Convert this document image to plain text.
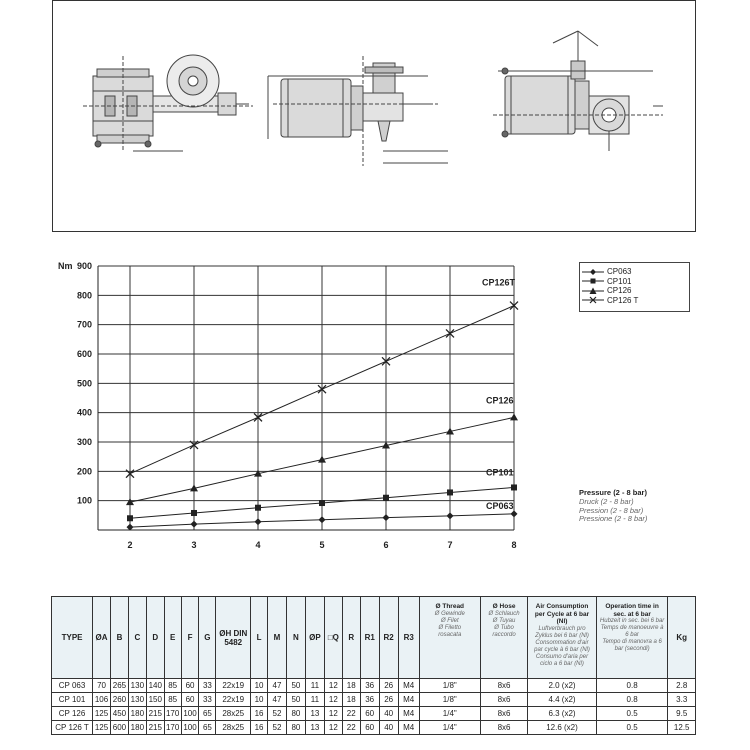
100
200
300
400
500
600
700
800
900
Nm
2	3	4	5	6	7	8
CP126T
CP126
CP101
CP063
CP063
CP101
CP126
CP126 T
Pressure (2 - 8 bar)
Druck (2 - 8 bar)
Pression (2 - 8 bar)
Pressione (2 - 8 bar)
TYPE	ØA	B	C	D	E	F	G	ØH DIN 5482	L	M	N	ØP	□Q	R	R1	R2	R3	Ø Thread
Ø Gewinde
Ø Filet
Ø Filetto
rosacata	Ø Hose
Ø Schlauch
Ø Tuyau
Ø Tubo
raccordo	Air Consumption per Cycle at 6 bar (Nl)
Luftverbrauch pro Zyklus bei 6 bar (Nl)
Consommation d'air par cycle à 6 bar (Nl)
Consumo d'aria per ciclo a 6 bar (Nl)	Operation time in sec. at 6 bar
Hubzeit in sec. bei 6 bar
Temps de manoeuvre à 6 bar
Tempo di manovra a 6 bar (secondi)	Kg
CP 063	70	265	130	140	85	60	33	22x19	10	47	50	11	12	18	36	26	M4	1/8"	8x6	2.0 (x2)	0.8	2.8
CP 101	106	260	130	150	85	60	33	22x19	10	47	50	11	12	18	36	26	M4	1/8"	8x6	4.4 (x2)	0.8	3.3
CP 126	125	450	180	215	170	100	65	28x25	16	52	80	13	12	22	60	40	M4	1/4"	8x6	6.3 (x2)	0.5	9.5
CP 126 T	125	600	180	215	170	100	65	28x25	16	52	80	13	12	22	60	40	M4	1/4"	8x6	12.6 (x2)	0.5	12.5
